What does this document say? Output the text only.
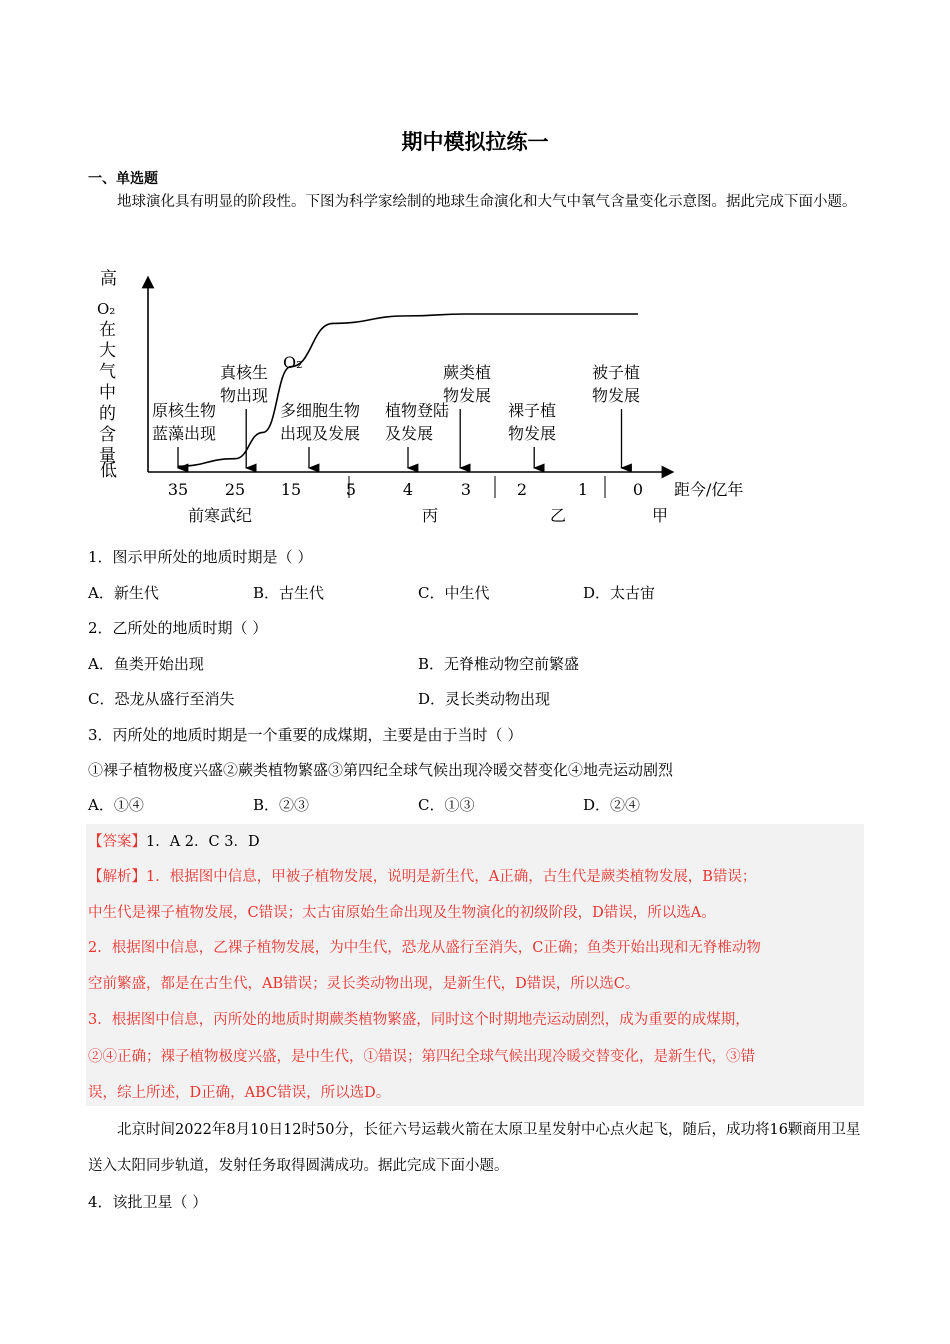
期中模拟拉练一
一、单选题

地球演化具有明显的阶段性。下图为科学家绘制的地球生命演化和大气中氧气含量变化示意图。据此完成下面小题。

高
低
O₂
在
大
气
中
的
含
量
35 25 15	5	4	3	2	1	0
O₂
原核生物
蓝藻出现
真核生
物出现
多细胞生物
出现及发展
植物登陆
及发展
蕨类植
物发展
裸子植
物发展
被子植
物发展
距今/亿年
前寒武纪	丙	乙	甲
1．图示甲所处的地质时期是（ ）
A．新生代	B．古生代	C．中生代	D．太古宙
2．乙所处的地质时期（ ）
A．鱼类开始出现	B．无脊椎动物空前繁盛
C．恐龙从盛行至消失	D．灵长类动物出现
3．丙所处的地质时期是一个重要的成煤期，主要是由于当时（ ）
①裸子植物极度兴盛②蕨类植物繁盛③第四纪全球气候出现冷暖交替变化④地壳运动剧烈
A．①④	B．②③	C．①③	D．②④
【答案】1．A 2．C 3．D
【解析】1．根据图中信息，甲被子植物发展，说明是新生代，A正确，古生代是蕨类植物发展，B错误；
中生代是裸子植物发展，C错误；太古宙原始生命出现及生物演化的初级阶段，D错误，所以选A。
2．根据图中信息，乙裸子植物发展，为中生代，恐龙从盛行至消失，C正确；鱼类开始出现和无脊椎动物
空前繁盛，都是在古生代，AB错误；灵长类动物出现，是新生代，D错误，所以选C。
3．根据图中信息，丙所处的地质时期蕨类植物繁盛，同时这个时期地壳运动剧烈，成为重要的成煤期，
②④正确；裸子植物极度兴盛，是中生代，①错误；第四纪全球气候出现冷暖交替变化，是新生代，③错
误，综上所述，D正确，ABC错误，所以选D。

北京时间2022年8月10日12时50分，长征六号运载火箭在太原卫星发射中心点火起飞，随后，成功将16颗商用卫星送入太阳同步轨道，发射任务取得圆满成功。据此完成下面小题。

4．该批卫星（ ）
